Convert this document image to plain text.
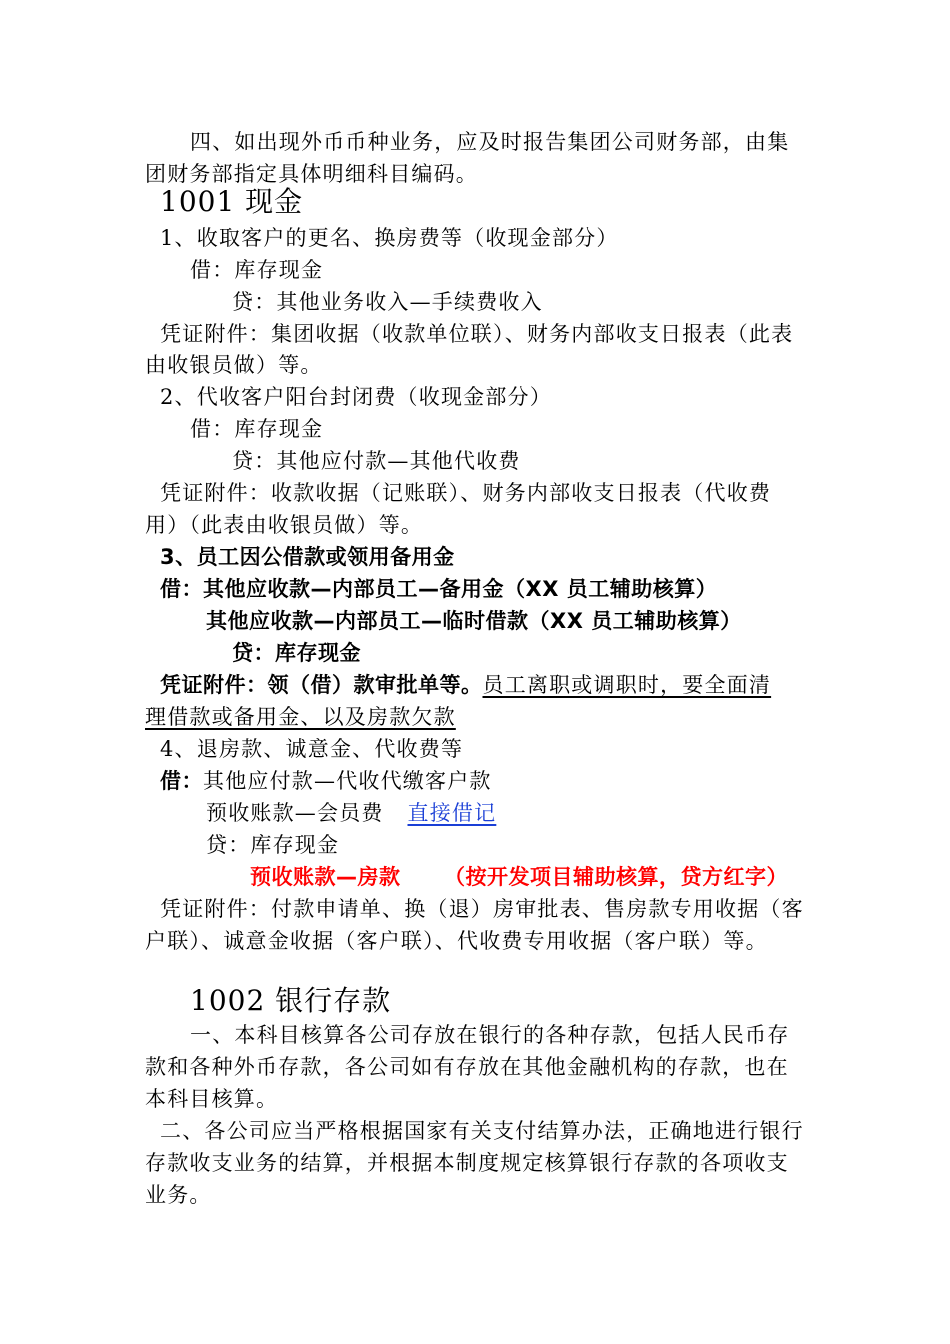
四、如出现外币币种业务，应及时报告集团公司财务部，由集
团财务部指定具体明细科目编码。
1001 现金
1、收取客户的更名、换房费等（收现金部分）
借：库存现金
贷：其他业务收入—手续费收入
凭证附件：集团收据（收款单位联）、财务内部收支日报表（此表
由收银员做）等。
2、代收客户阳台封闭费（收现金部分）
借：库存现金
贷：其他应付款—其他代收费
凭证附件：收款收据（记账联）、财务内部收支日报表（代收费
用）（此表由收银员做）等。
3、员工因公借款或领用备用金
借：其他应收款—内部员工—备用金（XX 员工辅助核算）
其他应收款—内部员工—临时借款（XX 员工辅助核算）
贷：库存现金
凭证附件：领（借）款审批单等。员工离职或调职时，要全面清
理借款或备用金、以及房款欠款
4、退房款、诚意金、代收费等
借：其他应付款—代收代缴客户款
预收账款—会员费 直接借记
贷：库存现金
预收账款—房款 （按开发项目辅助核算，贷方红字）
凭证附件：付款申请单、换（退）房审批表、售房款专用收据（客
户联）、诚意金收据（客户联）、代收费专用收据（客户联）等。
1002 银行存款
一、本科目核算各公司存放在银行的各种存款，包括人民币存
款和各种外币存款，各公司如有存放在其他金融机构的存款，也在
本科目核算。
二、各公司应当严格根据国家有关支付结算办法，正确地进行银行
存款收支业务的结算，并根据本制度规定核算银行存款的各项收支
业务。
